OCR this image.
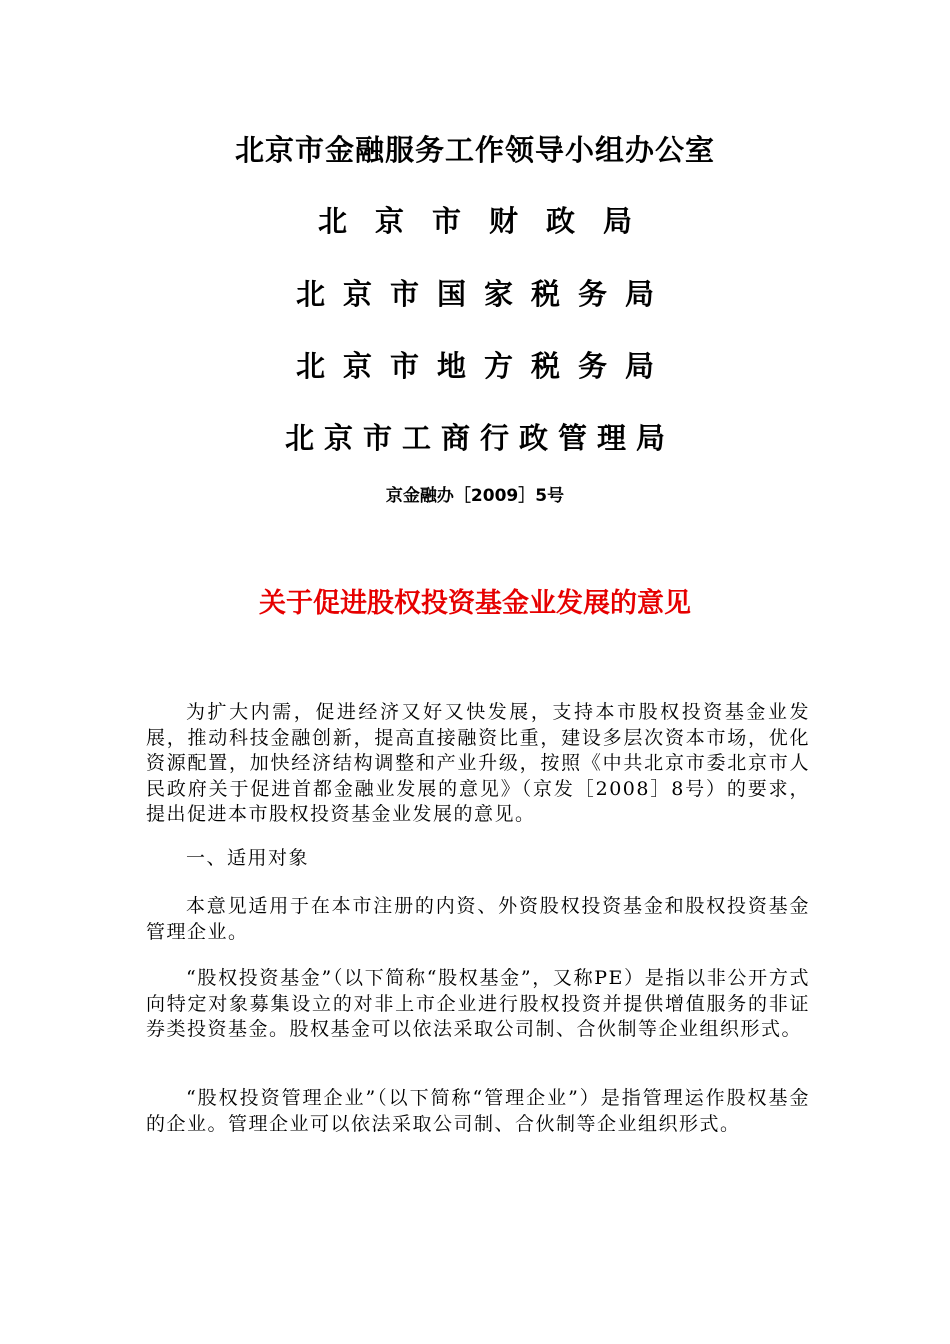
北京市金融服务工作领导小组办公室
北京市财政局
北京市国家税务局
北京市地方税务局
北京市工商行政管理局

京金融办［2009］5号

关于促进股权投资基金业发展的意见

为扩大内需，促进经济又好又快发展，支持本市股权投资基金业发展，推动科技金融创新，提高直接融资比重，建设多层次资本市场，优化资源配置，加快经济结构调整和产业升级，按照《中共北京市委北京市人民政府关于促进首都金融业发展的意见》（京发［2008］8号）的要求，提出促进本市股权投资基金业发展的意见。

一、适用对象

本意见适用于在本市注册的内资、外资股权投资基金和股权投资基金管理企业。

“股权投资基金”（以下简称“股权基金”，又称PE）是指以非公开方式向特定对象募集设立的对非上市企业进行股权投资并提供增值服务的非证券类投资基金。股权基金可以依法采取公司制、合伙制等企业组织形式。

“股权投资管理企业”（以下简称“管理企业”）是指管理运作股权基金的企业。管理企业可以依法采取公司制、合伙制等企业组织形式。
